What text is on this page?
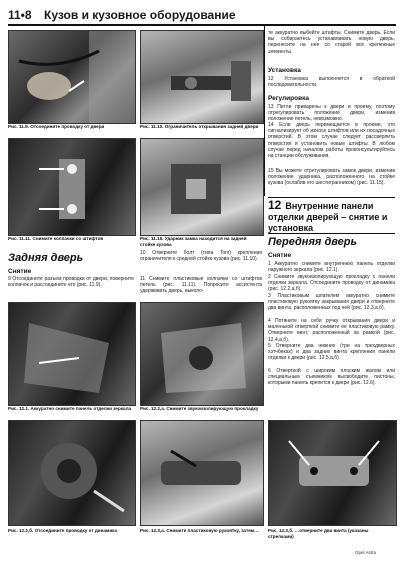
11•8 Кузов и кузовное оборудование
Рис. 11.9. Отсоедините проводку от двери	Рис. 11.10. Ограничитель открывания задней двери
Рис. 11.11. Снимите колпачки со штифтов	Рис. 11.15. Ударник замка находится на задней стойке кузова
Задняя дверь
Снятие
9 Отсоедините разъем проводки от двери, поверните колпачок и рассоедините его (рис. 11.9).
10 Отверните болт (типа Torx) крепления ограничителя к средней стойке кузова (рис. 11.10).
11 Снимите пластиковые колпачки со штифтов петель (рис. 11.11). Попросите ассистента удерживать дверь, выколо-
Рис. 12.1. Аккуратно снимите панель отделки зеркала	Рис. 12.2,а. Снимите звукоизолирующую прокладку
Рис. 12.2,б. Отсоедините проводку от динамика	Рис. 12.3,а. Снимите пластиковую рукоятку, затем…	Рис. 12.3,б. …отверните два винта (указаны стрелками)
те аккуратно выбейте штифты. Снимите дверь. Если вы собираетесь устанавливать новую дверь, перенесите на нее со старой все крепежные элементы.
Установка
12 Установка выполняется в обратной последовательности.
Регулировка
13 Петли приварены к двери и проему, поэтому отрегулировать положение двери, изменив положение петель, невозможно.
14 Если дверь перемещается в проеме, это сигнализирует об износе штифтов или их посадочных отверстий. В этом случае следует рассверлить отверстия и установить новые штифты. В любом случае перед началом работы проконсультируйтесь на станции обслуживания.
15 Вы можете отрегулировать замок двери, изменив положение ударника, расположенного на стойке кузова (ослабив его шестигранником) (рис. 11.15).
12 Внутренние панели отделки дверей – снятие и установка
Передняя дверь
Снятие
1 Аккуратно снимите внутреннюю панель отделки наружного зеркала (рис. 12.1).
2 Снимите звукоизолирующую прокладку с панели отделки зеркала. Отсоедините проводку от динамика (рис. 12.2,а,б).
3 Пластиковым шпателем аккуратно снимите пластиковую рукоятку закрывания двери и отверните два винта, расположенных под ней (рис. 12.3,а,б).
4 Потяните на себя ручку открывания двери и маленькой отверткой снимите ее пластиковую рамку. Отверните винт, расположенный за рамкой (рис. 12.4,а,б).
5 Отверните два нижних (три на трехдверных хэтчбеках) и два задних винта крепления панели отделки к двери (рис. 12.5,а,б).
6 Отверткой с широким плоским жалом или специальным съемником высвободите пистоны, которыми панель крепится к двери (рис. 12.6).
Opel Astra
